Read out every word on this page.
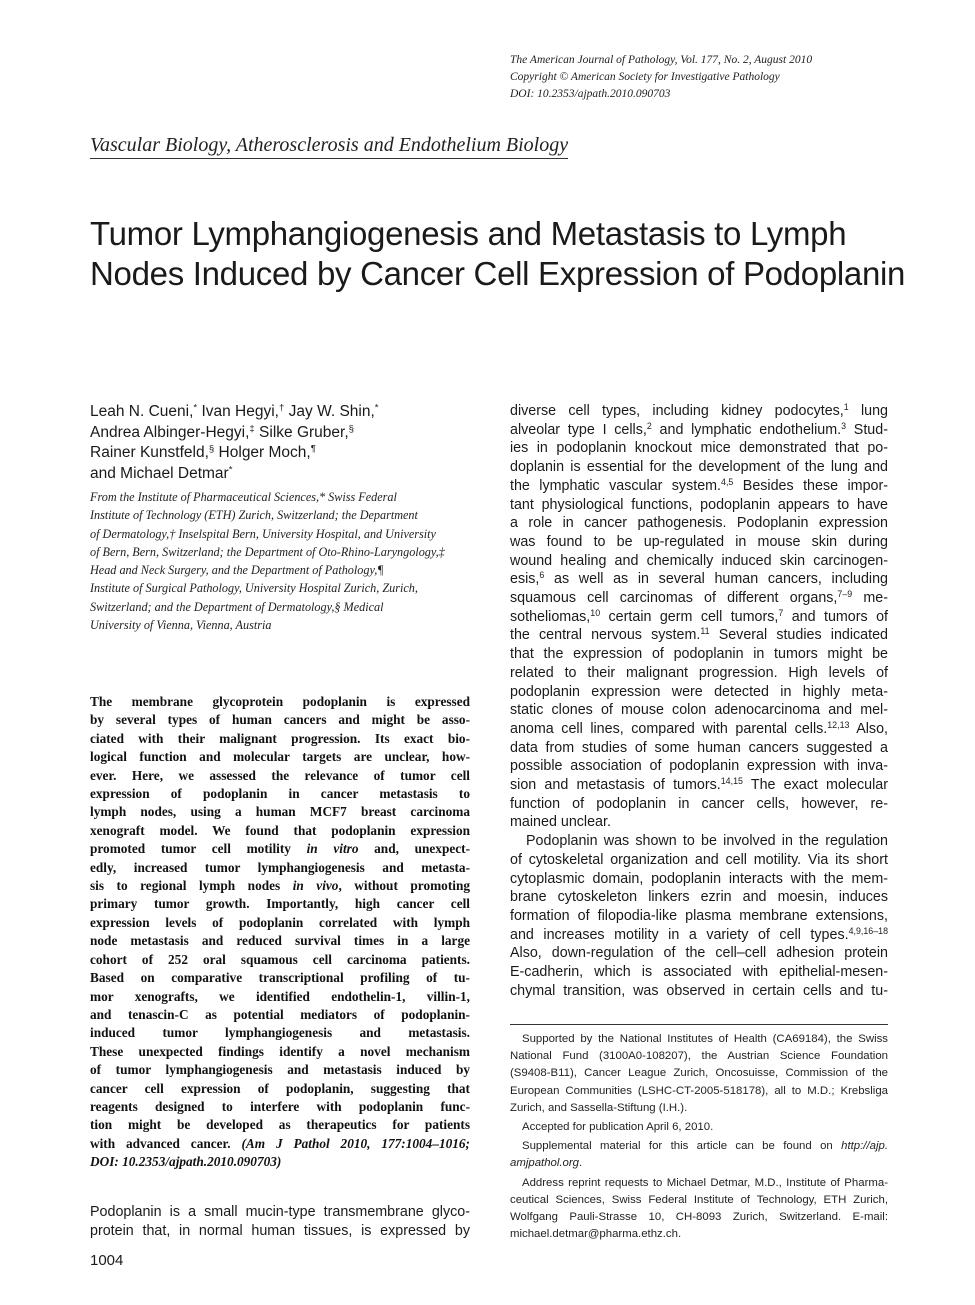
The American Journal of Pathology, Vol. 177, No. 2, August 2010
Copyright © American Society for Investigative Pathology
DOI: 10.2353/ajpath.2010.090703
Vascular Biology, Atherosclerosis and Endothelium Biology
Tumor Lymphangiogenesis and Metastasis to Lymph
Nodes Induced by Cancer Cell Expression of Podoplanin
Leah N. Cueni,* Ivan Hegyi,† Jay W. Shin,*
Andrea Albinger-Hegyi,‡ Silke Gruber,§
Rainer Kunstfeld,§ Holger Moch,¶
and Michael Detmar*
From the Institute of Pharmaceutical Sciences,* Swiss Federal
Institute of Technology (ETH) Zurich, Switzerland; the Department
of Dermatology,† Inselspital Bern, University Hospital, and University
of Bern, Bern, Switzerland; the Department of Oto-Rhino-Laryngology,‡
Head and Neck Surgery, and the Department of Pathology,¶
Institute of Surgical Pathology, University Hospital Zurich, Zurich,
Switzerland; and the Department of Dermatology,§ Medical
University of Vienna, Vienna, Austria
The membrane glycoprotein podoplanin is expressed
by several types of human cancers and might be asso-
ciated with their malignant progression. Its exact bio-
logical function and molecular targets are unclear, how-
ever. Here, we assessed the relevance of tumor cell
expression of podoplanin in cancer metastasis to
lymph nodes, using a human MCF7 breast carcinoma
xenograft model. We found that podoplanin expression
promoted tumor cell motility in vitro and, unexpect-
edly, increased tumor lymphangiogenesis and metasta-
sis to regional lymph nodes in vivo, without promoting
primary tumor growth. Importantly, high cancer cell
expression levels of podoplanin correlated with lymph
node metastasis and reduced survival times in a large
cohort of 252 oral squamous cell carcinoma patients.
Based on comparative transcriptional profiling of tu-
mor xenografts, we identified endothelin-1, villin-1,
and tenascin-C as potential mediators of podoplanin-
induced tumor lymphangiogenesis and metastasis.
These unexpected findings identify a novel mechanism
of tumor lymphangiogenesis and metastasis induced by
cancer cell expression of podoplanin, suggesting that
reagents designed to interfere with podoplanin func-
tion might be developed as therapeutics for patients
with advanced cancer. (Am J Pathol 2010, 177:1004–1016;
DOI: 10.2353/ajpath.2010.090703)
Podoplanin is a small mucin-type transmembrane glyco-
protein that, in normal human tissues, is expressed by
diverse cell types, including kidney podocytes,$^1$ lung
alveolar type I cells,$^2$ and lymphatic endothelium.$^3$ Stud-
ies in podoplanin knockout mice demonstrated that po-
doplanin is essential for the development of the lung and
the lymphatic vascular system.$^{4,5}$ Besides these impor-
tant physiological functions, podoplanin appears to have
a role in cancer pathogenesis. Podoplanin expression
was found to be up-regulated in mouse skin during
wound healing and chemically induced skin carcinogen-
esis,$^6$ as well as in several human cancers, including
squamous cell carcinomas of different organs,$^{7-9}$ me-
sotheliomas,$^{10}$ certain germ cell tumors,$^7$ and tumors of
the central nervous system.$^{11}$ Several studies indicated
that the expression of podoplanin in tumors might be
related to their malignant progression. High levels of
podoplanin expression were detected in highly meta-
static clones of mouse colon adenocarcinoma and mel-
anoma cell lines, compared with parental cells.$^{12,13}$ Also,
data from studies of some human cancers suggested a
possible association of podoplanin expression with inva-
sion and metastasis of tumors.$^{14,15}$ The exact molecular
function of podoplanin in cancer cells, however, re-
mained unclear.
Podoplanin was shown to be involved in the regulation
of cytoskeletal organization and cell motility. Via its short
cytoplasmic domain, podoplanin interacts with the mem-
brane cytoskeleton linkers ezrin and moesin, induces
formation of filopodia-like plasma membrane extensions,
and increases motility in a variety of cell types.$^{4,9,16-18}$
Also, down-regulation of the cell–cell adhesion protein
E-cadherin, which is associated with epithelial-mesen-
chymal transition, was observed in certain cells and tu-
Supported by the National Institutes of Health (CA69184), the Swiss
National Fund (3100A0-108207), the Austrian Science Foundation
(S9408-B11), Cancer League Zurich, Oncosuisse, Commission of the
European Communities (LSHC-CT-2005-518178), all to M.D.; Krebsliga
Zurich, and Sassella-Stiftung (I.H.).
Accepted for publication April 6, 2010.
Supplemental material for this article can be found on http://ajp.
amjpathol.org.
Address reprint requests to Michael Detmar, M.D., Institute of Pharma-
ceutical Sciences, Swiss Federal Institute of Technology, ETH Zurich,
Wolfgang Pauli-Strasse 10, CH-8093 Zurich, Switzerland. E-mail:
michael.detmar@pharma.ethz.ch.
1004
